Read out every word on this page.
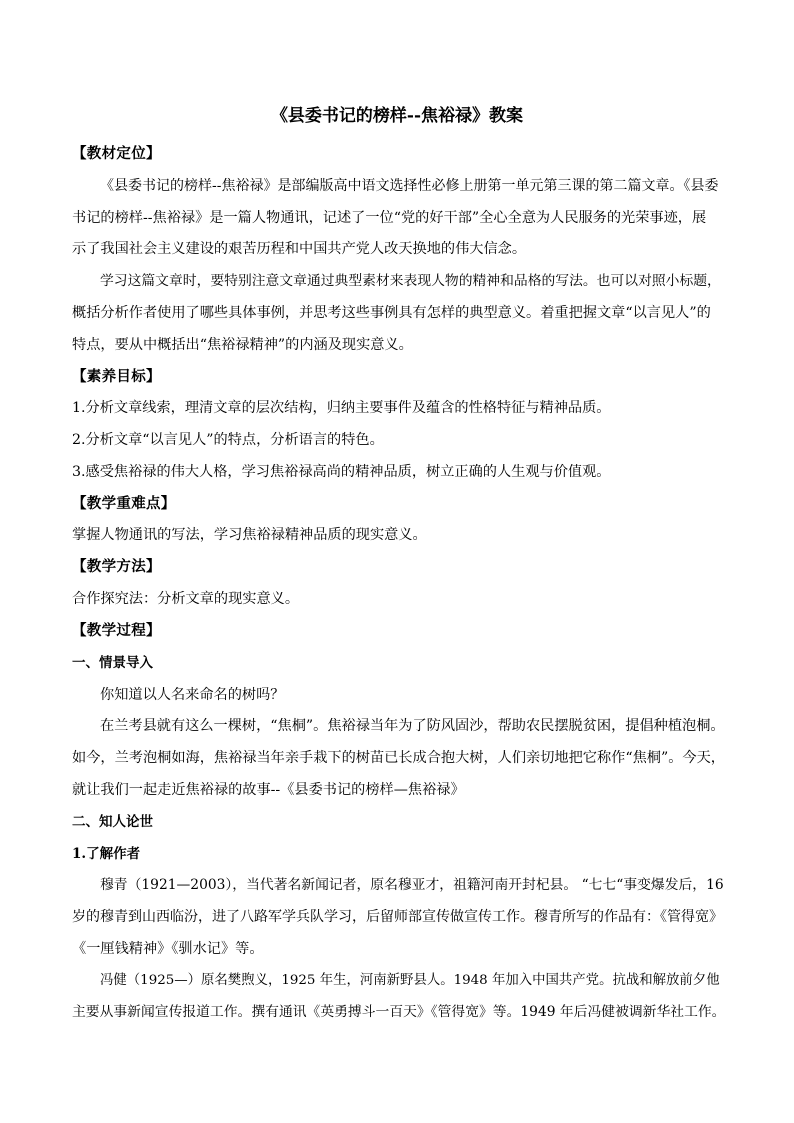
《县委书记的榜样--焦裕禄》教案
【教材定位】
《县委书记的榜样--焦裕禄》是部编版高中语文选择性必修上册第一单元第三课的第二篇文章。《县委
书记的榜样--焦裕禄》是一篇人物通讯，记述了一位“党的好干部”全心全意为人民服务的光荣事迹，展
示了我国社会主义建设的艰苦历程和中国共产党人改天换地的伟大信念。
学习这篇文章时，要特别注意文章通过典型素材来表现人物的精神和品格的写法。也可以对照小标题，
概括分析作者使用了哪些具体事例，并思考这些事例具有怎样的典型意义。着重把握文章“以言见人”的
特点，要从中概括出“焦裕禄精神”的内涵及现实意义。
【素养目标】
1.分析文章线索，理清文章的层次结构，归纳主要事件及蕴含的性格特征与精神品质。
2.分析文章“以言见人”的特点，分析语言的特色。
3.感受焦裕禄的伟大人格，学习焦裕禄高尚的精神品质，树立正确的人生观与价值观。
【教学重难点】
掌握人物通讯的写法，学习焦裕禄精神品质的现实意义。
【教学方法】
合作探究法：分析文章的现实意义。
【教学过程】
一、情景导入
你知道以人名来命名的树吗？
在兰考县就有这么一棵树，“焦桐”。焦裕禄当年为了防风固沙，帮助农民摆脱贫困，提倡种植泡桐。
如今，兰考泡桐如海，焦裕禄当年亲手栽下的树苗已长成合抱大树，人们亲切地把它称作“焦桐”。今天，
就让我们一起走近焦裕禄的故事--《县委书记的榜样—焦裕禄》
二、知人论世
1.了解作者
穆青（1921—2003），当代著名新闻记者，原名穆亚才，祖籍河南开封杞县。 “七七“事变爆发后，16
岁的穆青到山西临汾，进了八路军学兵队学习，后留师部宣传做宣传工作。穆青所写的作品有：《管得宽》
《一厘钱精神》《驯水记》等。
冯健（1925—）原名樊煦义，1925 年生，河南新野县人。1948 年加入中国共产党。抗战和解放前夕他
主要从事新闻宣传报道工作。撰有通讯《英勇搏斗一百天》《管得宽》等。1949 年后冯健被调新华社工作。
